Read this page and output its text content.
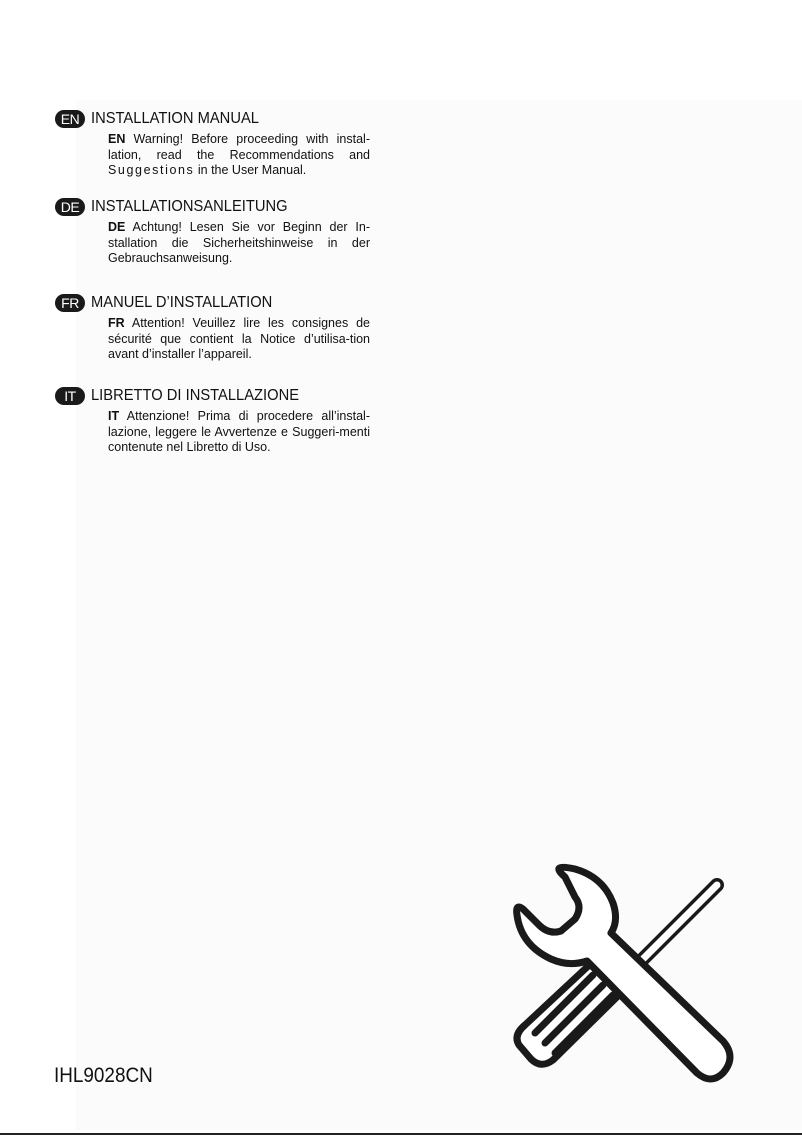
EN INSTALLATION MANUAL
EN Warning! Before proceeding with instal- lation, read the Recommendations and Suggestions in the User Manual.
DE INSTALLATIONSANLEITUNG
DE Achtung! Lesen Sie vor Beginn der In-stallation die Sicherheitshinweise in der Gebrauchsanweisung.
FR MANUEL D’INSTALLATION
FR Attention! Veuillez lire les consignes de sécurité que contient la Notice d’utilisa-tion avant d’installer l’appareil.
IT LIBRETTO DI INSTALLAZIONE
IT Attenzione! Prima di procedere all’instal-lazione, leggere le Avvertenze e Suggeri-menti contenute nel Libretto di Uso.
IHL9028CN
